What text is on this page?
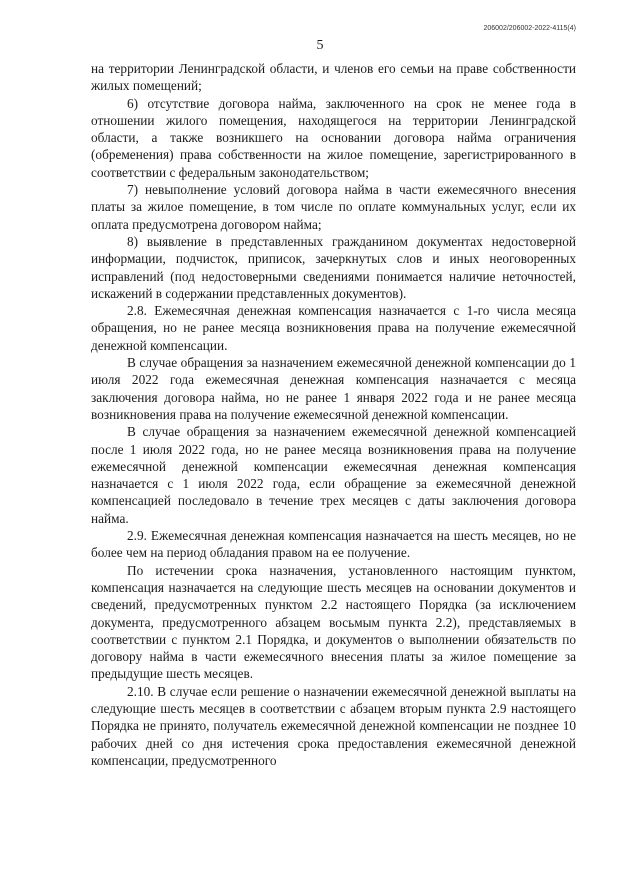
206002/206002-2022-4115(4)
5

на территории Ленинградской области, и членов его семьи на праве собственности жилых помещений;

6) отсутствие договора найма, заключенного на срок не менее года в отношении жилого помещения, находящегося на территории Ленинградской области, а также возникшего на основании договора найма ограничения (обременения) права собственности на жилое помещение, зарегистрированного в соответствии с федеральным законодательством;

7) невыполнение условий договора найма в части ежемесячного внесения платы за жилое помещение, в том числе по оплате коммунальных услуг, если их оплата предусмотрена договором найма;

8) выявление в представленных гражданином документах недостоверной информации, подчисток, приписок, зачеркнутых слов и иных неоговоренных исправлений (под недостоверными сведениями понимается наличие неточностей, искажений в содержании представленных документов).

2.8. Ежемесячная денежная компенсация назначается с 1-го числа месяца обращения, но не ранее месяца возникновения права на получение ежемесячной денежной компенсации.

В случае обращения за назначением ежемесячной денежной компенсации до 1 июля 2022 года ежемесячная денежная компенсация назначается с месяца заключения договора найма, но не ранее 1 января 2022 года и не ранее месяца возникновения права на получение ежемесячной денежной компенсации.

В случае обращения за назначением ежемесячной денежной компенсацией после 1 июля 2022 года, но не ранее месяца возникновения права на получение ежемесячной денежной компенсации ежемесячная денежная компенсация назначается с 1 июля 2022 года, если обращение за ежемесячной денежной компенсацией последовало в течение трех месяцев с даты заключения договора найма.

2.9. Ежемесячная денежная компенсация назначается на шесть месяцев, но не более чем на период обладания правом на ее получение.

По истечении срока назначения, установленного настоящим пунктом, компенсация назначается на следующие шесть месяцев на основании документов и сведений, предусмотренных пунктом 2.2 настоящего Порядка (за исключением документа, предусмотренного абзацем восьмым пункта 2.2), представляемых в соответствии с пунктом 2.1 Порядка, и документов о выполнении обязательств по договору найма в части ежемесячного внесения платы за жилое помещение за предыдущие шесть месяцев.

2.10. В случае если решение о назначении ежемесячной денежной выплаты на следующие шесть месяцев в соответствии с абзацем вторым пункта 2.9 настоящего Порядка не принято, получатель ежемесячной денежной компенсации не позднее 10 рабочих дней со дня истечения срока предоставления ежемесячной денежной компенсации, предусмотренного
